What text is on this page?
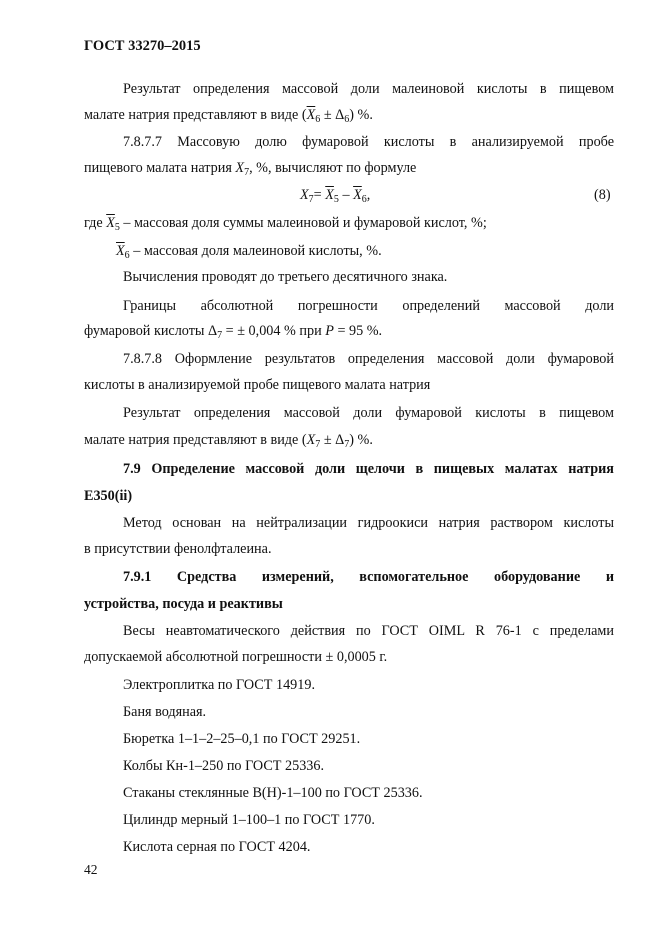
ГОСТ 33270–2015
Результат определения массовой доли малеиновой кислоты в пищевом
малате натрия представляют в виде $(\overline{X}_6 \pm \Delta_6)$ %.
7.8.7.7 Массовую долю фумаровой кислоты в анализируемой пробе
пищевого малата натрия $X_7$, %, вычисляют по формуле
$X_7= \overline{X}_5 - \overline{X}_6$,	(8)
где $\overline{X}_5$ – массовая доля суммы малеиновой и фумаровой кислот, %;
$\overline{X}_6$ – массовая доля малеиновой кислоты, %.
Вычисления проводят до третьего десятичного знака.
Границы абсолютной погрешности определений массовой доли
фумаровой кислоты $\Delta_7$ = ± 0,004 % при P = 95 %.
7.8.7.8 Оформление результатов определения массовой доли фумаровой
кислоты в анализируемой пробе пищевого малата натрия
Результат определения массовой доли фумаровой кислоты в пищевом
малате натрия представляют в виде $(X_7 \pm \Delta_7)$ %.
7.9 Определение массовой доли щелочи в пищевых малатах натрия
Е350(ii)
Метод основан на нейтрализации гидроокиси натрия раствором кислоты
в присутствии фенолфталеина.
7.9.1 Средства измерений, вспомогательное оборудование и
устройства, посуда и реактивы
Весы неавтоматического действия по ГОСТ OIML R 76-1 с пределами
допускаемой абсолютной погрешности ± 0,0005 г.
Электроплитка по ГОСТ 14919.
Баня водяная.
Бюретка 1–1–2–25–0,1 по ГОСТ 29251.
Колбы Кн-1–250 по ГОСТ 25336.
Стаканы стеклянные В(Н)-1–100 по ГОСТ 25336.
Цилиндр мерный 1–100–1 по ГОСТ 1770.
Кислота серная по ГОСТ 4204.
42
